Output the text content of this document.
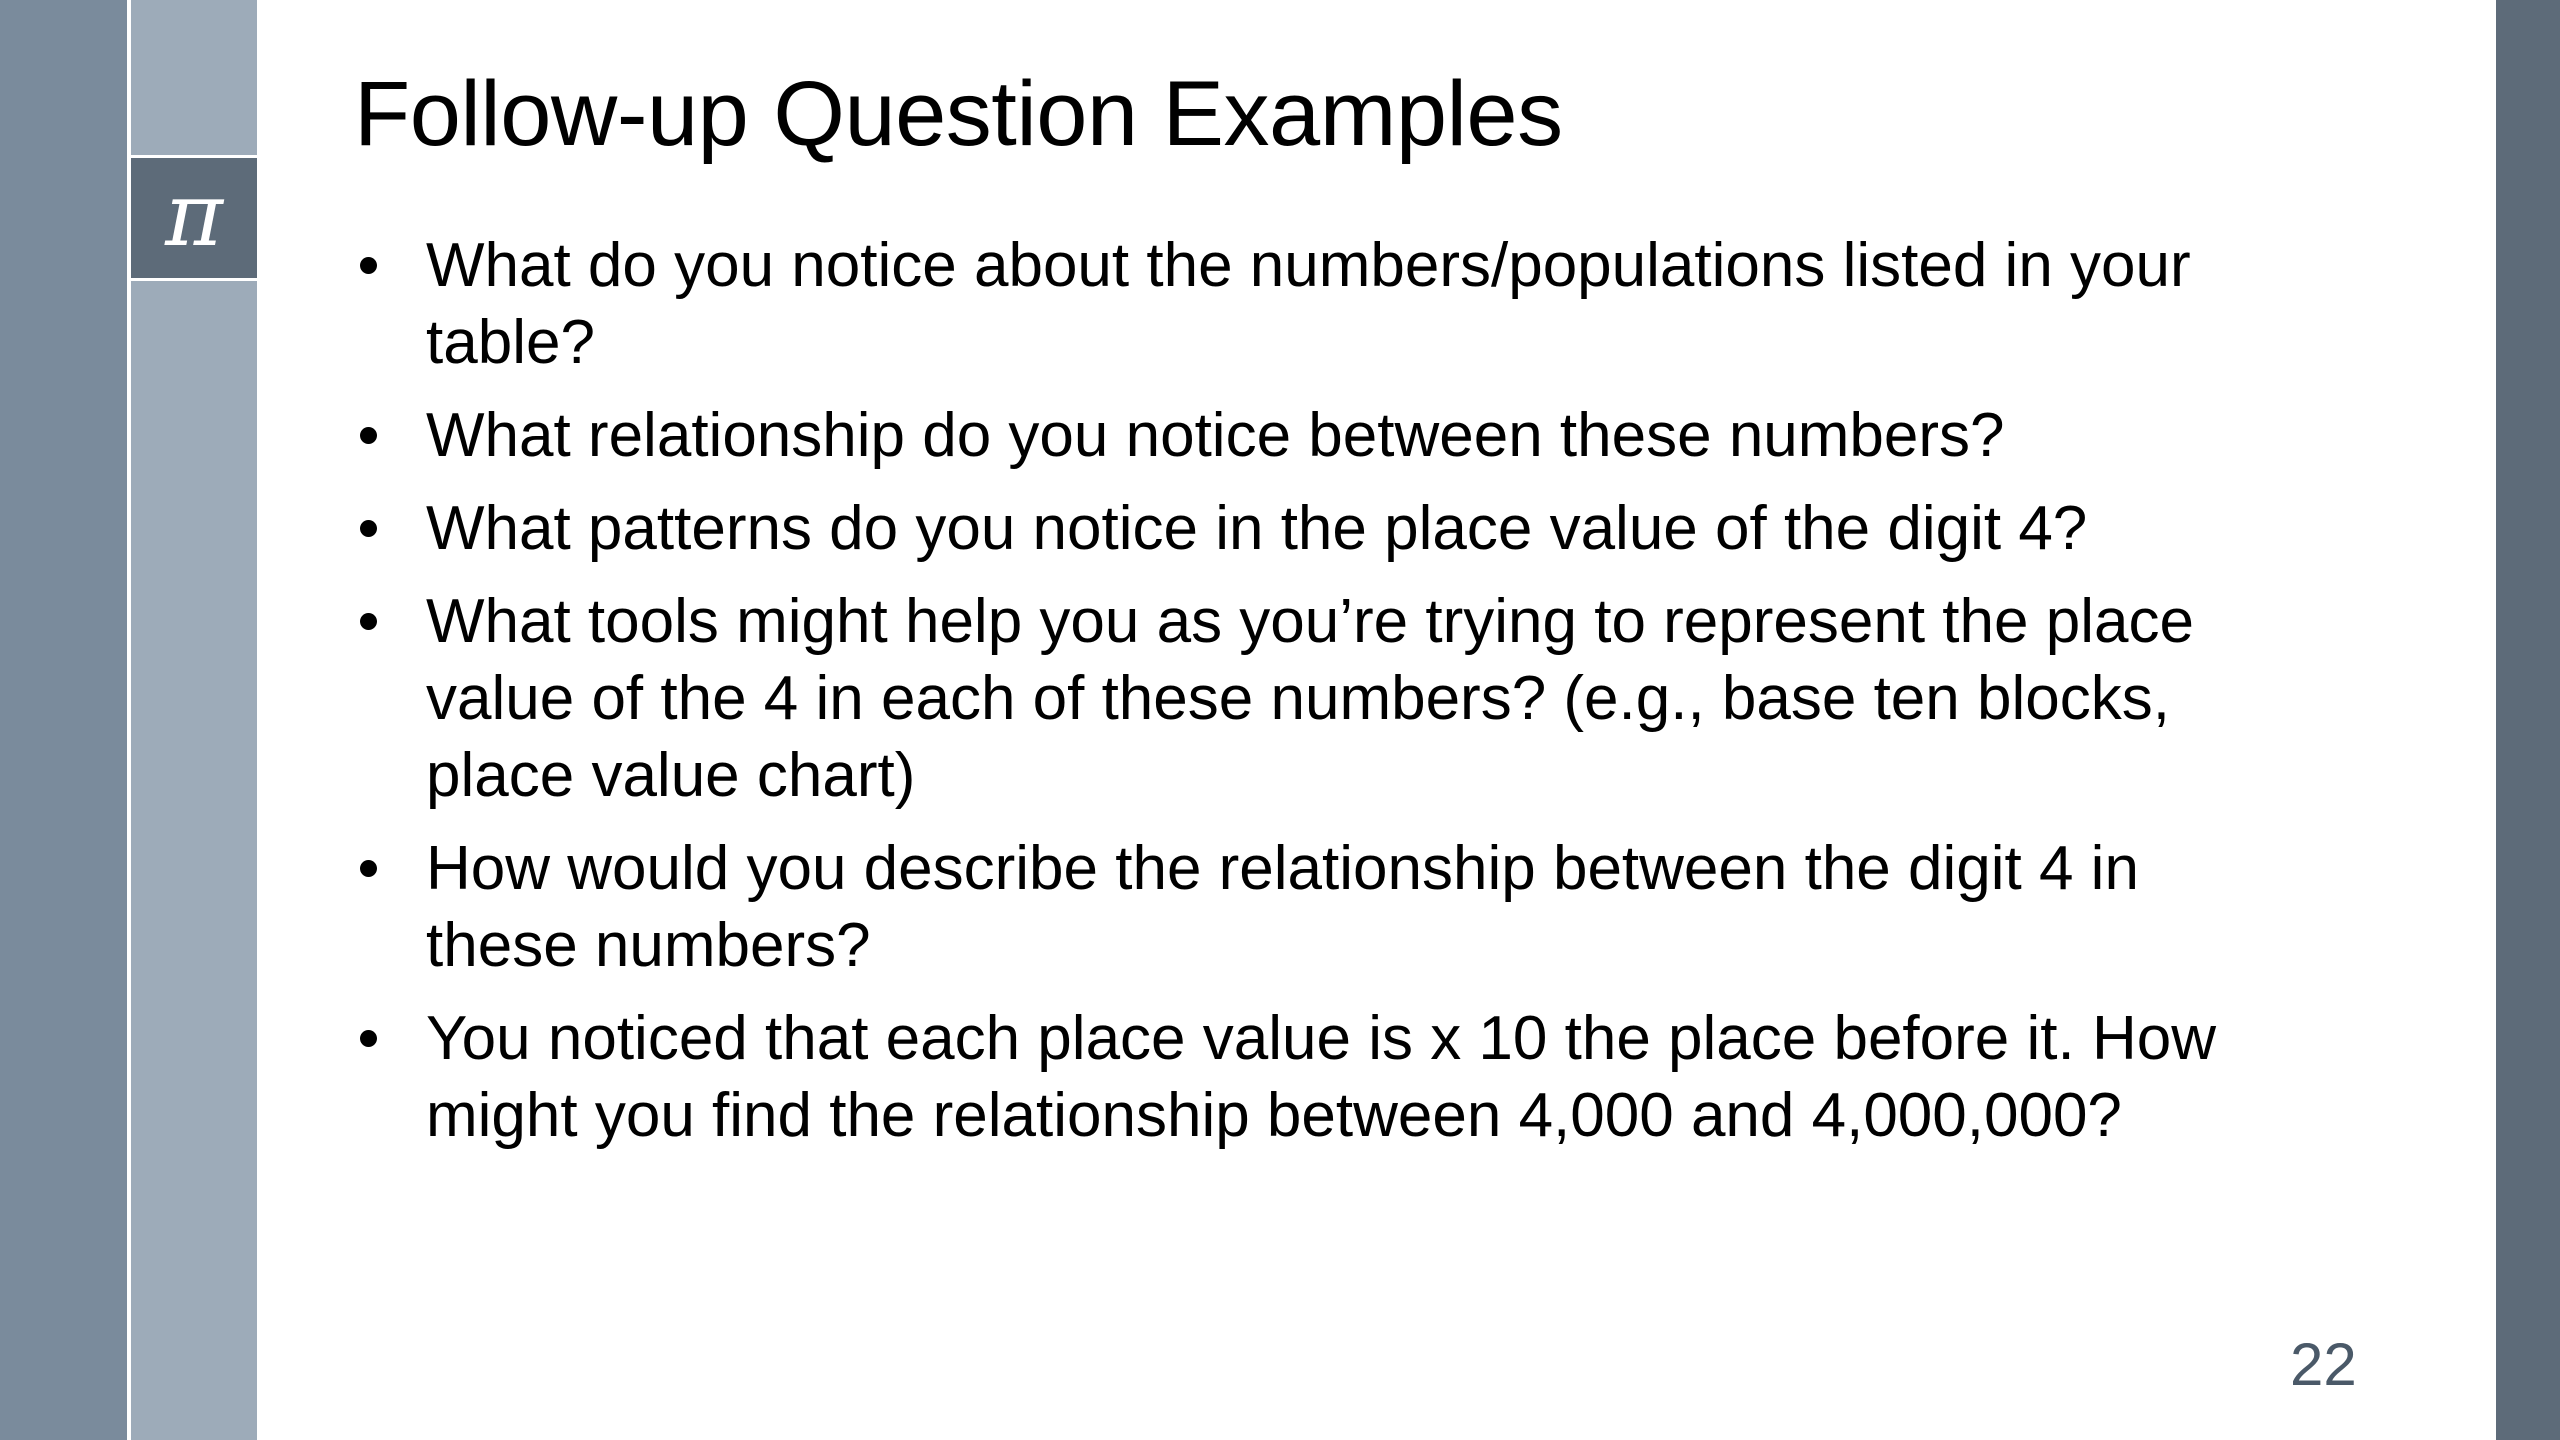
π
Follow-up Question Examples
What do you notice about the numbers/populations listed in your table?
What relationship do you notice between these numbers?
What patterns do you notice in the place value of the digit 4?
What tools might help you as you’re trying to represent the place value of the 4 in each of these numbers? (e.g., base ten blocks, place value chart)
How would you describe the relationship between the digit 4 in these numbers?
You noticed that each place value is x 10 the place before it. How might you find the relationship between 4,000 and 4,000,000?
22
